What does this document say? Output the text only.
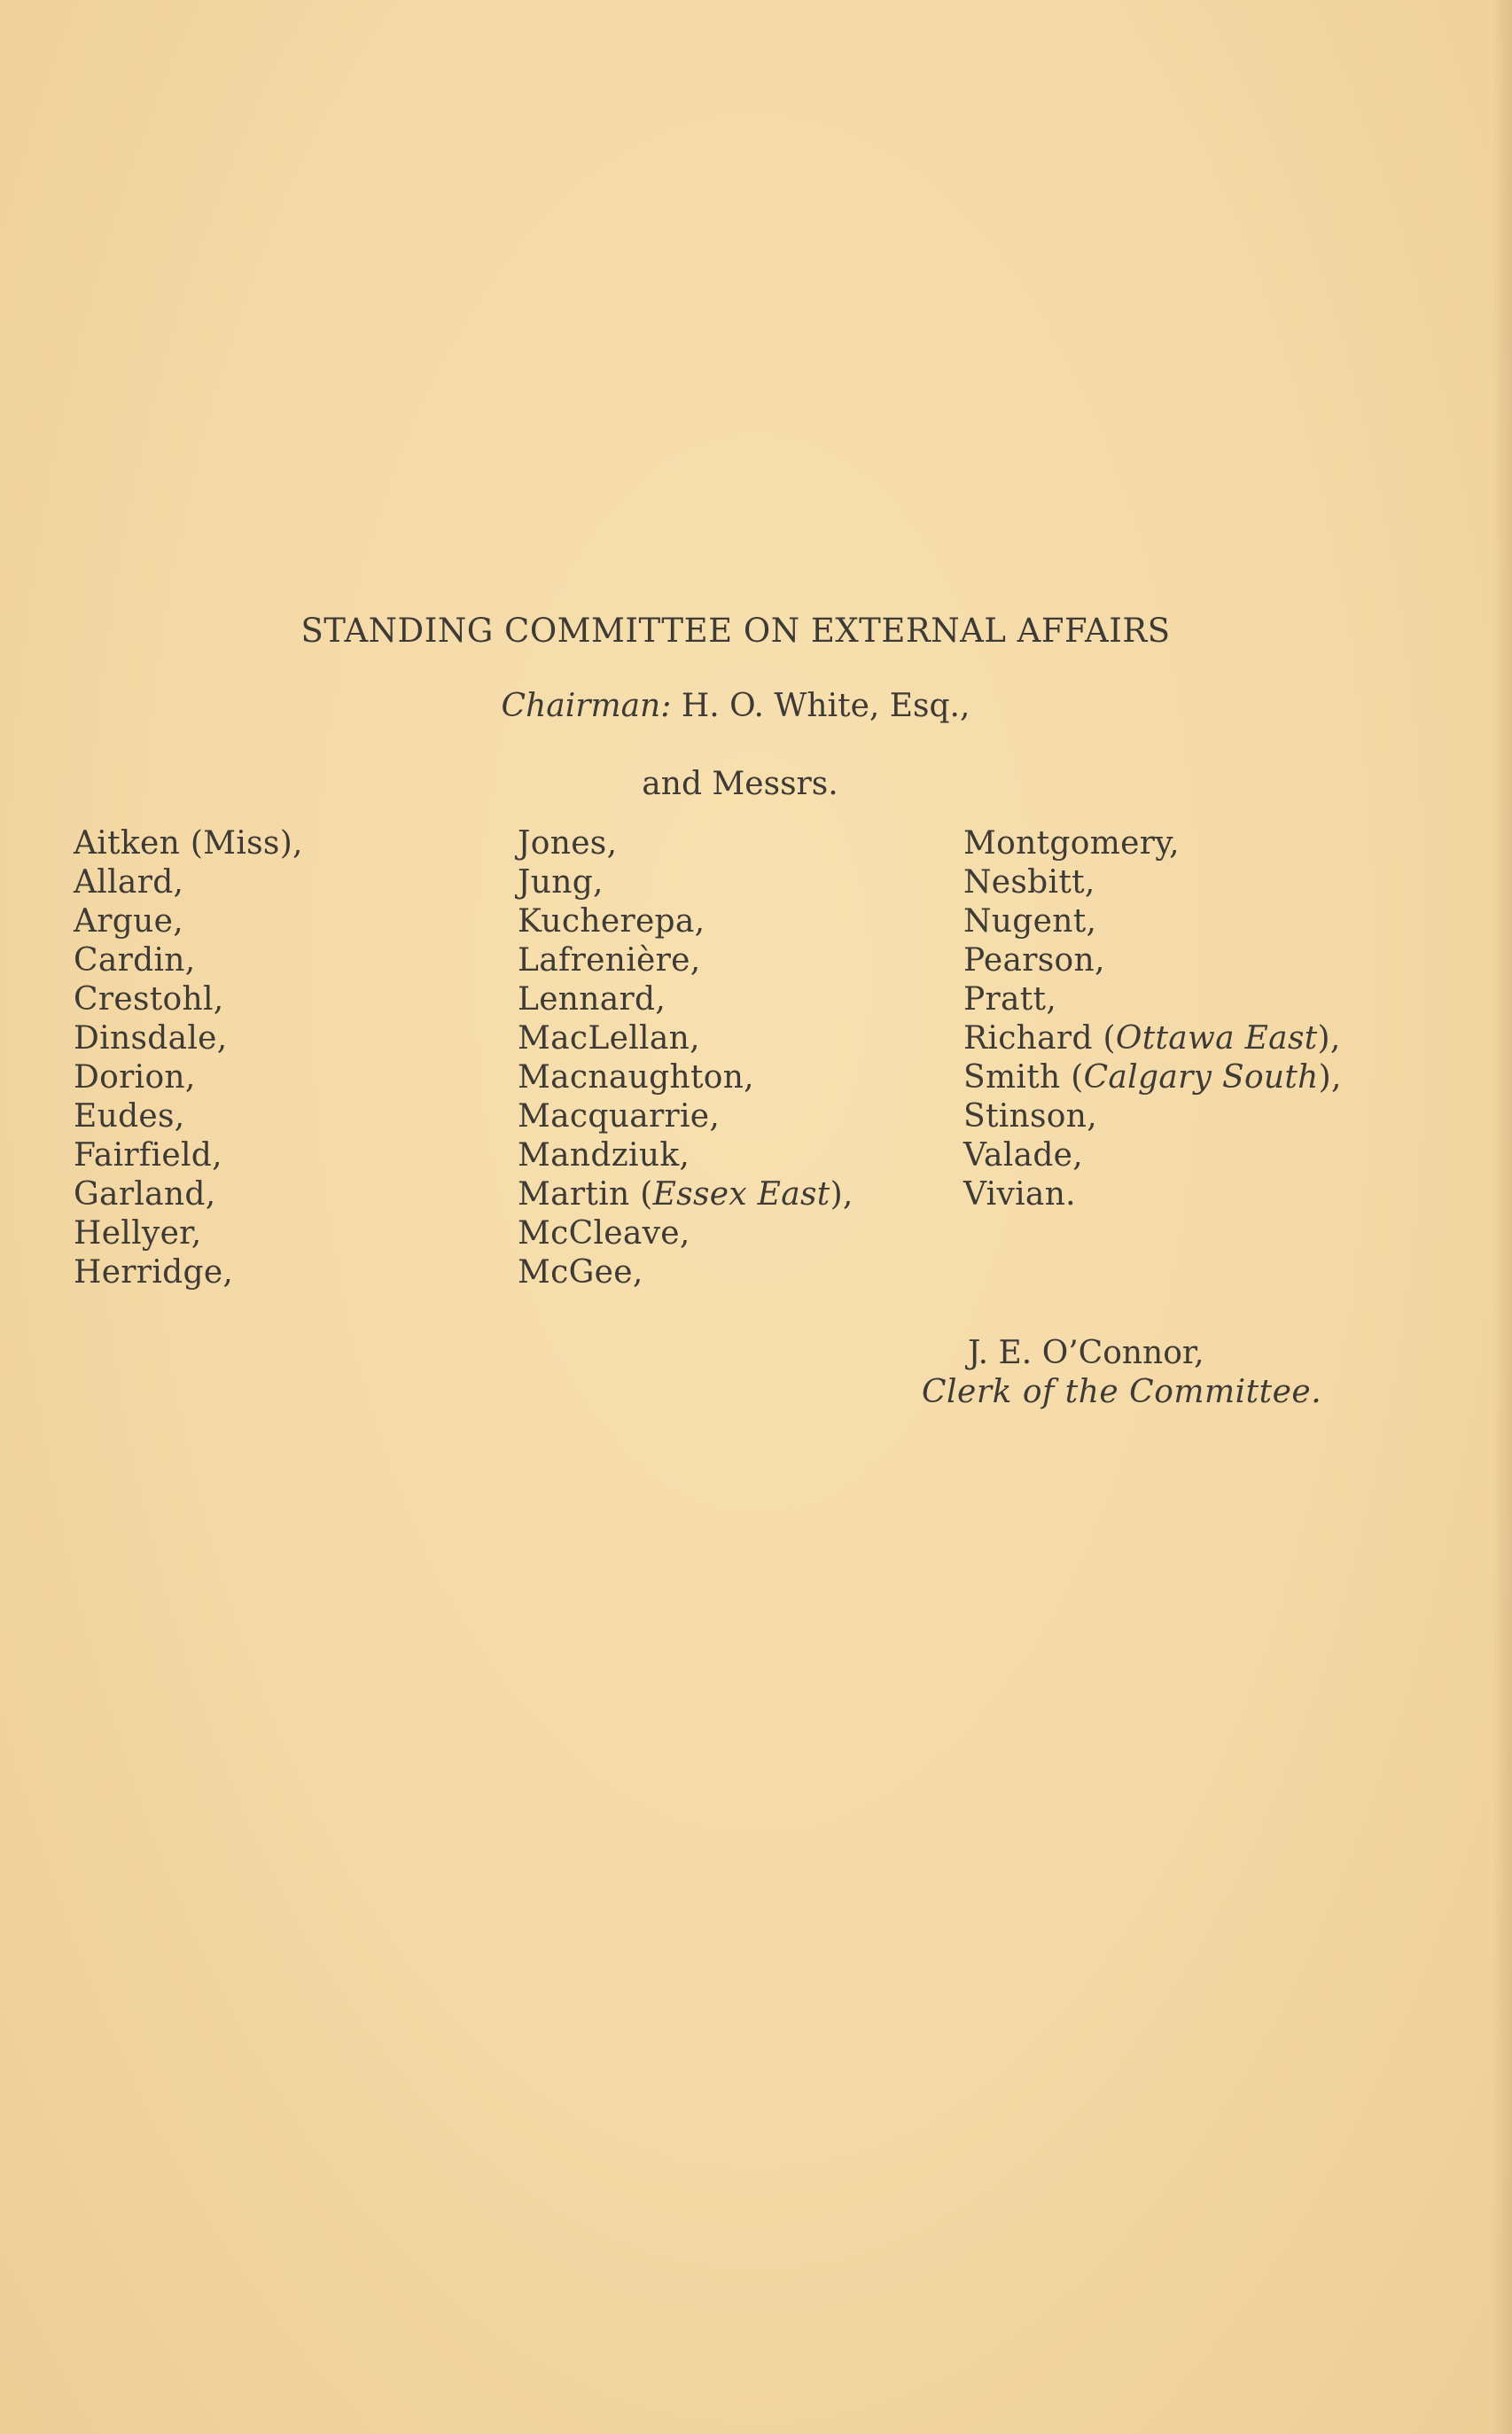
STANDING COMMITTEE ON EXTERNAL AFFAIRS
Chairman: H. O. White, Esq.,
and Messrs.
Aitken (Miss),
Allard,
Argue,
Cardin,
Crestohl,
Dinsdale,
Dorion,
Eudes,
Fairfield,
Garland,
Hellyer,
Herridge,
Jones,
Jung,
Kucherepa,
Lafrenière,
Lennard,
MacLellan,
Macnaughton,
Macquarrie,
Mandziuk,
Martin (Essex East),
McCleave,
McGee,
Montgomery,
Nesbitt,
Nugent,
Pearson,
Pratt,
Richard (Ottawa East),
Smith (Calgary South),
Stinson,
Valade,
Vivian.
J. E. O’Connor,
Clerk of the Committee.
